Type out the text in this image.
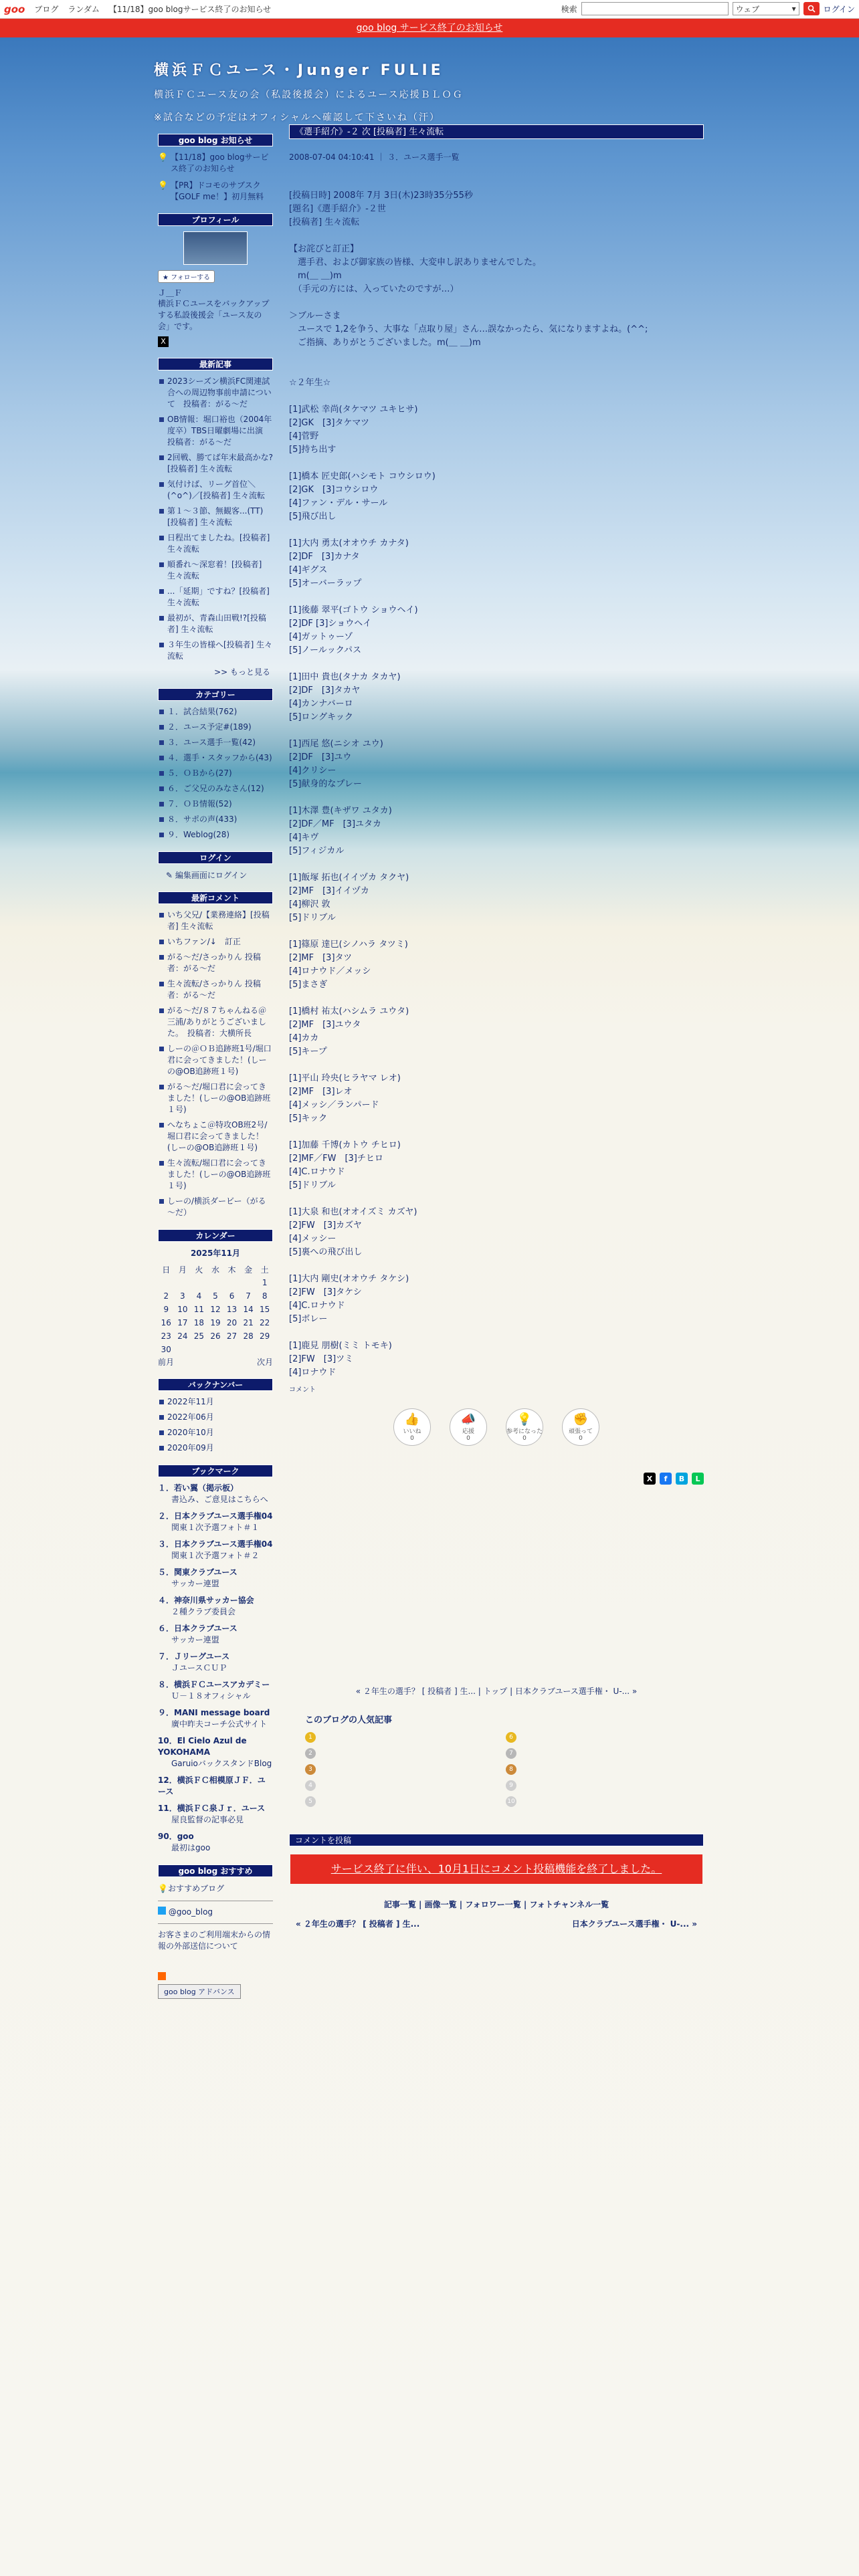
goo ブログ ランダム 【11/18】goo blogサービス終了のお知らせ	検索	ウェブ	▾	ログイン
goo blog サービス終了のお知らせ
横浜ＦＣユース・Junger FULIE
横浜ＦＣユース友の会（私設後援会）によるユース応援ＢＬＯＧ
※試合などの予定はオフィシャルへ確認して下さいね（汗）
goo blog お知らせ
💡 【11/18】goo blogサービス終了のお知らせ
💡 【PR】ドコモのサブスク【GOLF me！】初月無料
プロフィール
★ フォローする
Ｊ＿Ｆ
横浜ＦＣユースをバックアップする私設後援会「ユース友の会」です。
X
最新記事
2023シーズン横浜FC関連試合への周辺物事前申請について　投稿者：がる～だ
OB情報：堀口裕也（2004年度卒）TBS日曜劇場に出演　投稿者：がる～だ
2回戦、勝てば年末最高かな?[投稿者] 生々流転
気付けば、リーグ首位＼(^o^)／[投稿者] 生々流転
第１～３節、無観客...(TT)[投稿者] 生々流転
日程出てましたね。[投稿者] 生々流転
順番れ～深窓着！[投稿者] 生々流転
...「延期」ですね？[投稿者] 生々流転
最初が、青森山田戦!?[投稿者] 生々流転
３年生の皆様へ[投稿者] 生々流転
>> もっと見る
カテゴリー
１．試合結果(762)
２．ユース予定#(189)
３．ユース選手一覧(42)
４．選手・スタッフから(43)
５．ＯＢから(27)
６．ご父兄のみなさん(12)
７．ＯＢ情報(52)
８．サポの声(433)
９．Weblog(28)
ログイン
✎ 編集画面にログイン
最新コメント
いち父兄/【業務連絡】[投稿者] 生々流転
いちファン/↓　訂正
がる～だ/さっかりん 投稿者：がる～だ
生々流転/さっかりん 投稿者：がる～だ
がる～だ/８７ちゃんねる＠三浦/ありがとうございました。　投稿者：大横所長
しーの＠ＯＢ追跡班1号/堀口君に会ってきました！(しーの@OB追跡班１号)
がる～だ/堀口君に会ってきました！(しーの@OB追跡班１号)
へなちょこ＠特攻OB班2号/堀口君に会ってきました！(しーの@OB追跡班１号)
生々流転/堀口君に会ってきました！(しーの@OB追跡班１号)
しーの/横浜ダービー（がる～だ）
カレンダー
2025年11月
日	月	火	水	木	金	土
						1
2	3	4	5	6	7	8
9	10	11	12	13	14	15
16	17	18	19	20	21	22
23	24	25	26	27	28	29
30						
前月	次月
バックナンバー
2022年11月
2022年06月
2020年10月
2020年09月
ブックマーク
１．若い翼（掲示板）
書込み、ご意見はこちらへ
２．日本クラブユース選手権04
関東１次予選フォト＃１
３．日本クラブユース選手権04
関東１次予選フォト＃２
５．関東クラブユース
サッカー連盟
４．神奈川県サッカー協会
２種クラブ委員会
６．日本クラブユース
サッカー連盟
７．Ｊリーグユース
ＪユースＣＵＰ
８．横浜ＦＣユースアカデミー
Ｕ－１８オフィシャル
９．MANI message board
廣中昨夫コーチ公式サイト
10．El Cielo Azul de YOKOHAMA
GaruioバックスタンドBlog
12．横浜ＦＣ相模原ＪＦ．ユース
11．横浜ＦＣ泉Ｊｒ．ユース
屋良監督の記事必見
90．goo
最初はgoo
goo blog おすすめ
💡おすすめブログ
@goo_blog
お客さまのご利用端末からの情報の外部送信について
goo blog アドバンス
《選手紹介》-２ 次 [投稿者] 生々流転
2008-07-04 04:10:41 ｜ ３．ユース選手一覧
[投稿日時] 2008年 7月 3日(木)23時35分55秒
[題名]《選手紹介》-２世
[投稿者] 生々流転

【お詫びと訂正】
　選手君、および御家族の皆様、大変申し訳ありませんでした。
　m(＿ ＿)m
　（手元の方には、入っていたのですが…）

＞ブルーさま
　ユースで 1,2を争う、大事な「点取り屋」さん…誤なかったら、気になりますよね。(^^;
　ご指摘、ありがとうございました。m(＿ ＿)m

☆２年生☆

[1]武松 幸尚(タケマツ ユキヒサ)
[2]GK　[3]タケマツ
[4]菅野
[5]持ち出す

[1]橋本 匠史郎(ハシモト コウシロウ)
[2]GK　[3]コウシロウ
[4]ファン・デル・サール
[5]飛び出し

[1]大内 勇太(オオウチ カナタ)
[2]DF　[3]カナタ
[4]ギグス
[5]オーバーラップ

[1]後藤 翠平(ゴトウ ショウヘイ)
[2]DF [3]ショウヘイ
[4]ガットゥーゾ
[5]ノールックパス

[1]田中 貴也(タナカ タカヤ)
[2]DF　[3]タカヤ
[4]カンナバーロ
[5]ロングキック

[1]西尾 悠(ニシオ ユウ)
[2]DF　[3]ユウ
[4]クリシー
[5]献身的なプレー

[1]木澤 豊(キザワ ユタカ)
[2]DF／MF　[3]ユタカ
[4]キヴ
[5]フィジカル

[1]飯塚 拓也(イイヅカ タクヤ)
[2]MF　[3]イイヅカ
[4]柳沢 敦
[5]ドリブル

[1]篠原 達巳(シノハラ タツミ)
[2]MF　[3]タツ
[4]ロナウド／メッシ
[5]まさぎ

[1]橋村 祐太(ハシムラ ユウタ)
[2]MF　[3]ユウタ
[4]カカ
[5]キープ

[1]平山 玲央(ヒラヤマ レオ)
[2]MF　[3]レオ
[4]メッシ／ランパード
[5]キック

[1]加藤 千博(カトウ チヒロ)
[2]MF／FW　[3]チヒロ
[4]C.ロナウド
[5]ドリブル

[1]大泉 和也(オオイズミ カズヤ)
[2]FW　[3]カズヤ
[4]メッシー
[5]裏への飛び出し

[1]大内 剛史(オオウチ タケシ)
[2]FW　[3]タケシ
[4]C.ロナウド
[5]ボレー

[1]鹿見 朋樹(ミミ トモキ)
[2]FW　[3]ツミ
[4]ロナウド
コメント
👍
いいね
0
📣
応援
0
💡
参考になった
0
✊
頑張って
0
X	f	B	L
« ２年生の選手？ [ 投稿者 ] 生... | トップ | 日本クラブユース選手権・ U-... »
このブログの人気記事
1	6
2	7
3	8
4	9
5	10
コメントを投稿
サービス終了に伴い、10月1日にコメント投稿機能を終了しました。
記事一覧 | 画像一覧 | フォロワー一覧 | フォトチャンネル一覧
« ２年生の選手？ [ 投稿者 ] 生...	日本クラブユース選手権・ U-... »
